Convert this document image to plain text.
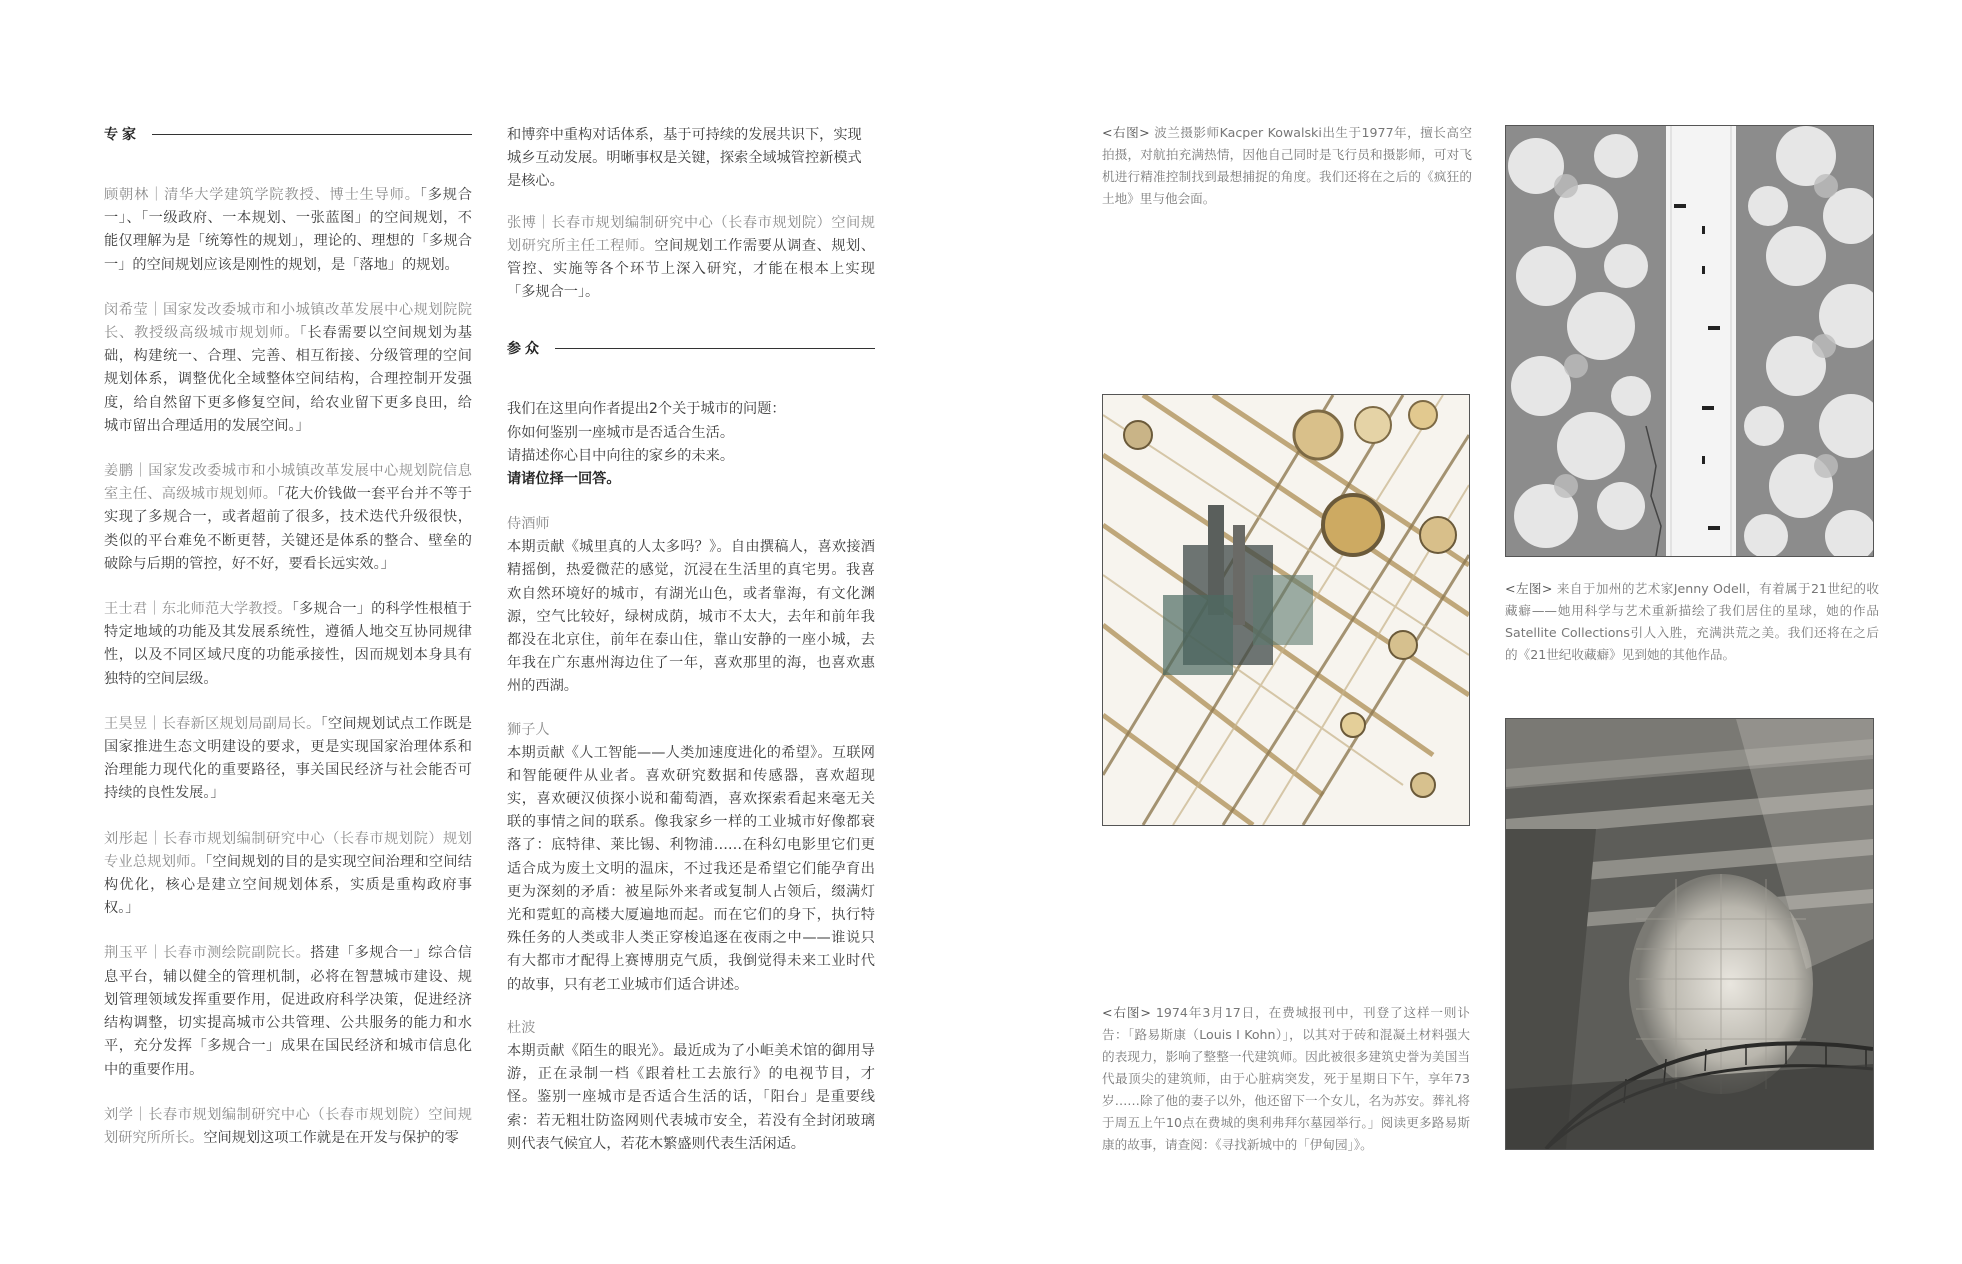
专家

顾朝林｜清华大学建筑学院教授、博士生导师。「多规合一」、「一级政府、一本规划、一张蓝图」的空间规划，不能仅理解为是「统筹性的规划」，理论的、理想的「多规合一」的空间规划应该是刚性的规划，是「落地」的规划。

闵希莹｜国家发改委城市和小城镇改革发展中心规划院院长、教授级高级城市规划师。「长春需要以空间规划为基础，构建统一、合理、完善、相互衔接、分级管理的空间规划体系，调整优化全域整体空间结构，合理控制开发强度，给自然留下更多修复空间，给农业留下更多良田，给城市留出合理适用的发展空间。」

姜鹏｜国家发改委城市和小城镇改革发展中心规划院信息室主任、高级城市规划师。「花大价钱做一套平台并不等于实现了多规合一，或者超前了很多，技术迭代升级很快，类似的平台难免不断更替，关键还是体系的整合、壁垒的破除与后期的管控，好不好，要看长远实效。」

王士君｜东北师范大学教授。「多规合一」的科学性根植于特定地域的功能及其发展系统性，遵循人地交互协同规律性，以及不同区域尺度的功能承接性，因而规划本身具有独特的空间层级。

王昊昱｜长春新区规划局副局长。「空间规划试点工作既是国家推进生态文明建设的要求，更是实现国家治理体系和治理能力现代化的重要路径，事关国民经济与社会能否可持续的良性发展。」

刘彤起｜长春市规划编制研究中心（长春市规划院）规划专业总规划师。「空间规划的目的是实现空间治理和空间结构优化，核心是建立空间规划体系，实质是重构政府事权。」

荆玉平｜长春市测绘院副院长。搭建「多规合一」综合信息平台，辅以健全的管理机制，必将在智慧城市建设、规划管理领域发挥重要作用，促进政府科学决策，促进经济结构调整，切实提高城市公共管理、公共服务的能力和水平，充分发挥「多规合一」成果在国民经济和城市信息化中的重要作用。

刘学｜长春市规划编制研究中心（长春市规划院）空间规划研究所所长。空间规划这项工作就是在开发与保护的零

和博弈中重构对话体系，基于可持续的发展共识下，实现城乡互动发展。明晰事权是关键，探索全域城管控新模式是核心。

张博｜长春市规划编制研究中心（长春市规划院）空间规划研究所主任工程师。空间规划工作需要从调查、规划、管控、实施等各个环节上深入研究，才能在根本上实现「多规合一」。

参众

我们在这里向作者提出2个关于城市的问题：

你如何鉴别一座城市是否适合生活。

请描述你心目中向往的家乡的未来。

请诸位择一回答。

侍酒师

本期贡献《城里真的人太多吗？》。自由撰稿人，喜欢接酒精摇倒，热爱微茫的感觉，沉浸在生活里的真宅男。我喜欢自然环境好的城市，有湖光山色，或者靠海，有文化渊源，空气比较好，绿树成荫，城市不太大，去年和前年我都没在北京住，前年在泰山住，靠山安静的一座小城，去年我在广东惠州海边住了一年，喜欢那里的海，也喜欢惠州的西湖。

狮子人

本期贡献《人工智能——人类加速度进化的希望》。互联网和智能硬件从业者。喜欢研究数据和传感器，喜欢超现实，喜欢硬汉侦探小说和葡萄酒，喜欢探索看起来毫无关联的事情之间的联系。像我家乡一样的工业城市好像都衰落了：底特律、莱比锡、利物浦……在科幻电影里它们更适合成为废土文明的温床，不过我还是希望它们能孕育出更为深刻的矛盾：被星际外来者或复制人占领后，缀满灯光和霓虹的高楼大厦遍地而起。而在它们的身下，执行特殊任务的人类或非人类正穿梭追逐在夜雨之中——谁说只有大都市才配得上赛博朋克气质，我倒觉得未来工业时代的故事，只有老工业城市们适合讲述。

杜波

本期贡献《陌生的眼光》。最近成为了小岠美术馆的御用导游，正在录制一档《跟着杜工去旅行》的电视节目，才怪。鉴别一座城市是否适合生活的话，「阳台」是重要线索：若无粗壮防盗网则代表城市安全，若没有全封闭玻璃则代表气候宜人，若花木繁盛则代表生活闲适。

<右图> 波兰摄影师Kacper Kowalski出生于1977年，擅长高空拍摄，对航拍充满热情，因他自己同时是飞行员和摄影师，可对飞机进行精准控制找到最想捕捉的角度。我们还将在之后的《疯狂的土地》里与他会面。
<左图> 来自于加州的艺术家Jenny Odell，有着属于21世纪的收藏癖——她用科学与艺术重新描绘了我们居住的星球，她的作品Satellite Collections引人入胜，充满洪荒之美。我们还将在之后的《21世纪收藏癖》见到她的其他作品。
<右图> 1974年3月17日，在费城报刊中，刊登了这样一则讣告：「路易斯康（Louis I Kohn）」，以其对于砖和混凝土材料强大的表现力，影响了整整一代建筑师。因此被很多建筑史誉为美国当代最顶尖的建筑师，由于心脏病突发，死于星期日下午，享年73岁……除了他的妻子以外，他还留下一个女儿，名为苏安。葬礼将于周五上午10点在费城的奥利弗拜尔墓园举行。」阅读更多路易斯康的故事，请查阅：《寻找新城中的「伊甸园」》。
